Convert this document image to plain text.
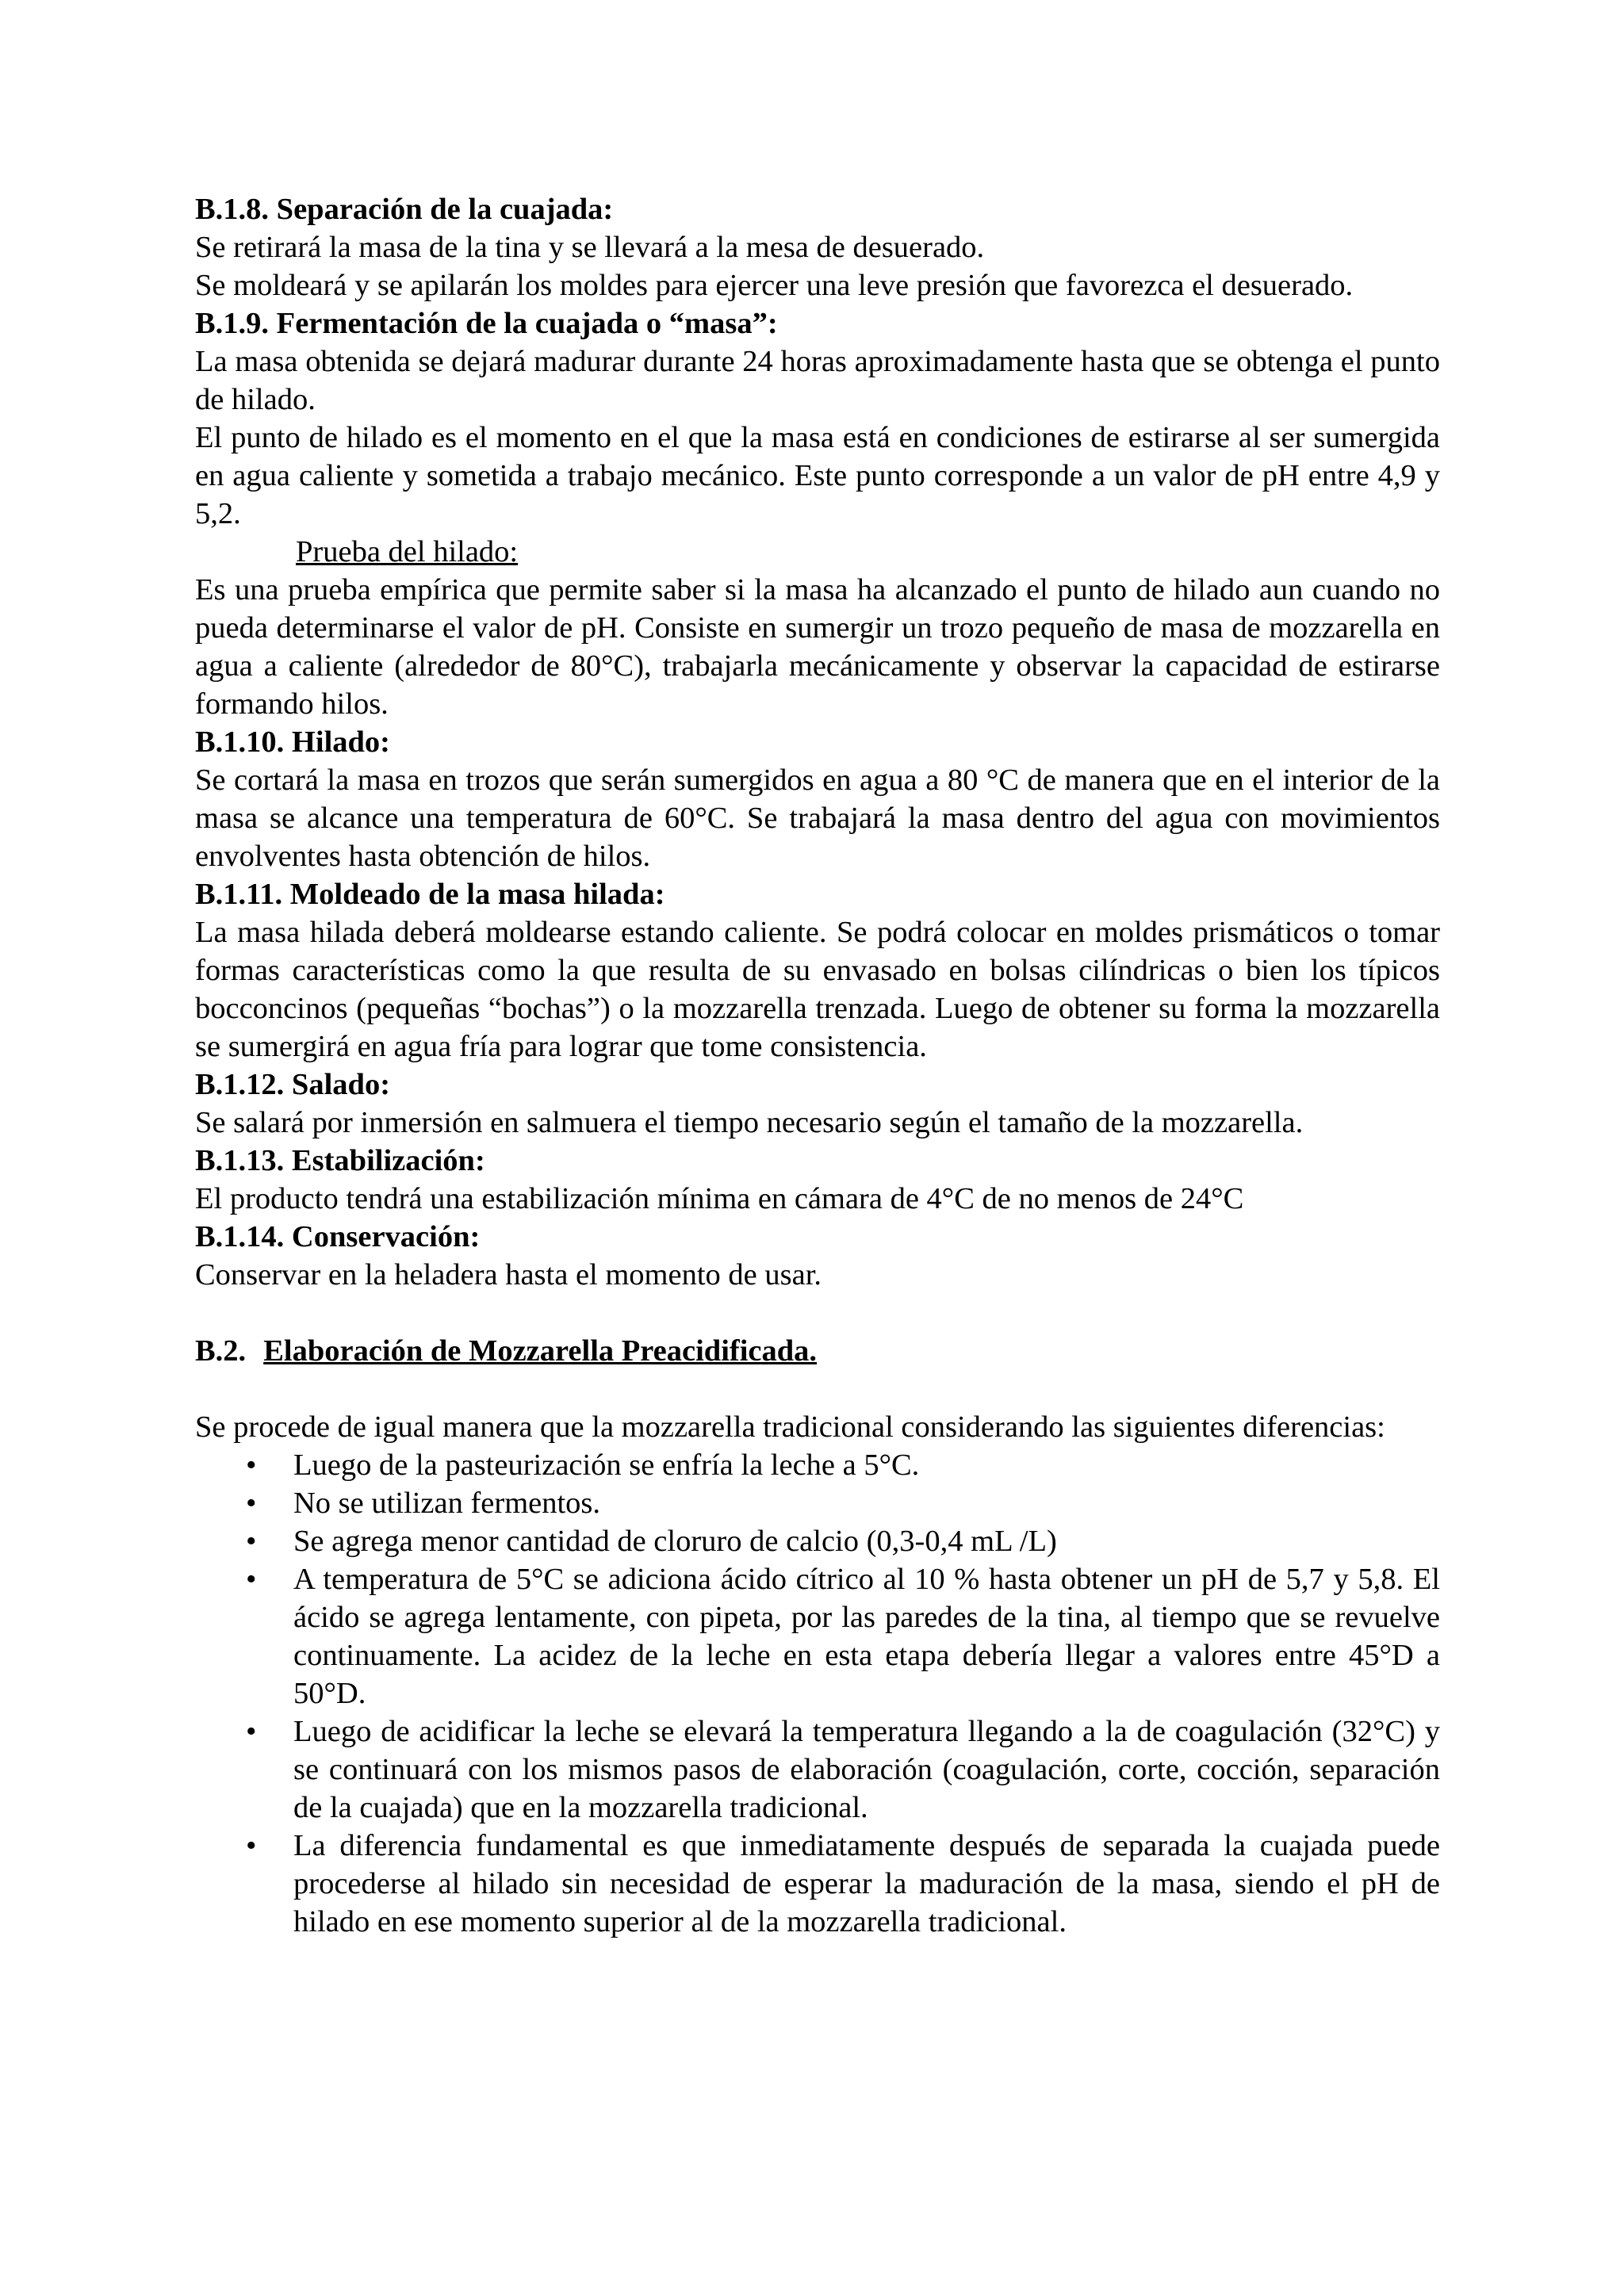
B.1.8. Separación de la cuajada:

Se retirará la masa de la tina y se llevará a la mesa de desuerado.

Se moldeará y se apilarán los moldes para ejercer una leve presión que favorezca el desuerado.

B.1.9. Fermentación de la cuajada o “masa”:

La masa obtenida se dejará madurar durante 24 horas aproximadamente hasta que se obtenga el punto de hilado.

El punto de hilado es el momento en el que la masa está en condiciones de estirarse al ser sumergida en agua caliente y sometida a trabajo mecánico. Este punto corresponde a un valor de pH entre 4,9 y 5,2.

Prueba del hilado:

Es una prueba empírica que permite saber si la masa ha alcanzado el punto de hilado aun cuando no pueda determinarse el valor de pH. Consiste en sumergir un trozo pequeño de masa de mozzarella en agua a caliente (alrededor de 80°C), trabajarla mecánicamente y observar la capacidad de estirarse formando hilos.

B.1.10. Hilado:

Se cortará la masa en trozos que serán sumergidos en agua a 80 °C de manera que en el interior de la masa se alcance una temperatura de 60°C. Se trabajará la masa dentro del agua con movimientos envolventes hasta obtención de hilos.

B.1.11. Moldeado de la masa hilada:

La masa hilada deberá moldearse estando caliente. Se podrá colocar en moldes prismáticos o tomar formas características como la que resulta de su envasado en bolsas cilíndricas o bien los típicos bocconcinos (pequeñas “bochas”) o la mozzarella trenzada. Luego de obtener su forma la mozzarella se sumergirá en agua fría para lograr que tome consistencia.

B.1.12. Salado:

Se salará por inmersión en salmuera el tiempo necesario según el tamaño de la mozzarella.

B.1.13. Estabilización:

El producto tendrá una estabilización mínima en cámara de 4°C de no menos de 24°C

B.1.14. Conservación:

Conservar en la heladera hasta el momento de usar.

B.2. Elaboración de Mozzarella Preacidificada.

Se procede de igual manera que la mozzarella tradicional considerando las siguientes diferencias:

• Luego de la pasteurización se enfría la leche a 5°C.
• No se utilizan fermentos.
• Se agrega menor cantidad de cloruro de calcio (0,3-0,4 mL /L)
• A temperatura de 5°C se adiciona ácido cítrico al 10 % hasta obtener un pH de 5,7 y 5,8. El ácido se agrega lentamente, con pipeta, por las paredes de la tina, al tiempo que se revuelve continuamente. La acidez de la leche en esta etapa debería llegar a valores entre 45°D a 50°D.
• Luego de acidificar la leche se elevará la temperatura llegando a la de coagulación (32°C) y se continuará con los mismos pasos de elaboración (coagulación, corte, cocción, separación de la cuajada) que en la mozzarella tradicional.
• La diferencia fundamental es que inmediatamente después de separada la cuajada puede procederse al hilado sin necesidad de esperar la maduración de la masa, siendo el pH de hilado en ese momento superior al de la mozzarella tradicional.
